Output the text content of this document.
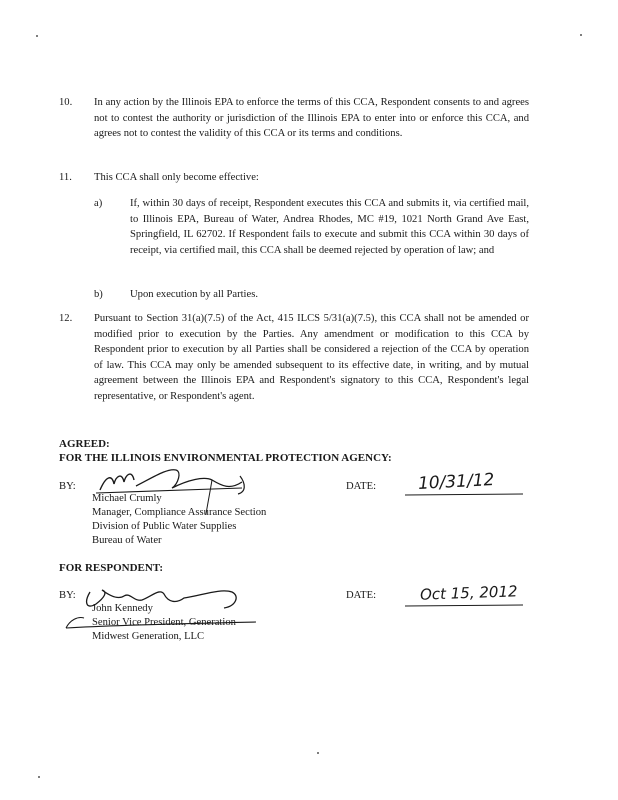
10. In any action by the Illinois EPA to enforce the terms of this CCA, Respondent consents to and agrees not to contest the authority or jurisdiction of the Illinois EPA to enter into or enforce this CCA, and agrees not to contest the validity of this CCA or its terms and conditions.

11. This CCA shall only become effective:

a)	If, within 30 days of receipt, Respondent executes this CCA and submits it, via certified mail, to Illinois EPA, Bureau of Water, Andrea Rhodes, MC #19, 1021 North Grand Ave East, Springfield, IL 62702. If Respondent fails to execute and submit this CCA within 30 days of receipt, via certified mail, this CCA shall be deemed rejected by operation of law; and
b)	Upon execution by all Parties.
12. Pursuant to Section 31(a)(7.5) of the Act, 415 ILCS 5/31(a)(7.5), this CCA shall not be amended or modified prior to execution by the Parties. Any amendment or modification to this CCA by Respondent prior to execution by all Parties shall be considered a rejection of the CCA by operation of law. This CCA may only be amended subsequent to its effective date, in writing, and by mutual agreement between the Illinois EPA and Respondent's signatory to this CCA, Respondent's legal representative, or Respondent's agent.

AGREED:
FOR THE ILLINOIS ENVIRONMENTAL PROTECTION AGENCY:
BY:	DATE: 10/31/12
Michael Crumly
Manager, Compliance Assurance Section
Division of Public Water Supplies
Bureau of Water
FOR RESPONDENT:
BY:	DATE:	Oct 15, 2012
John Kennedy
Senior Vice President, Generation
Midwest Generation, LLC
